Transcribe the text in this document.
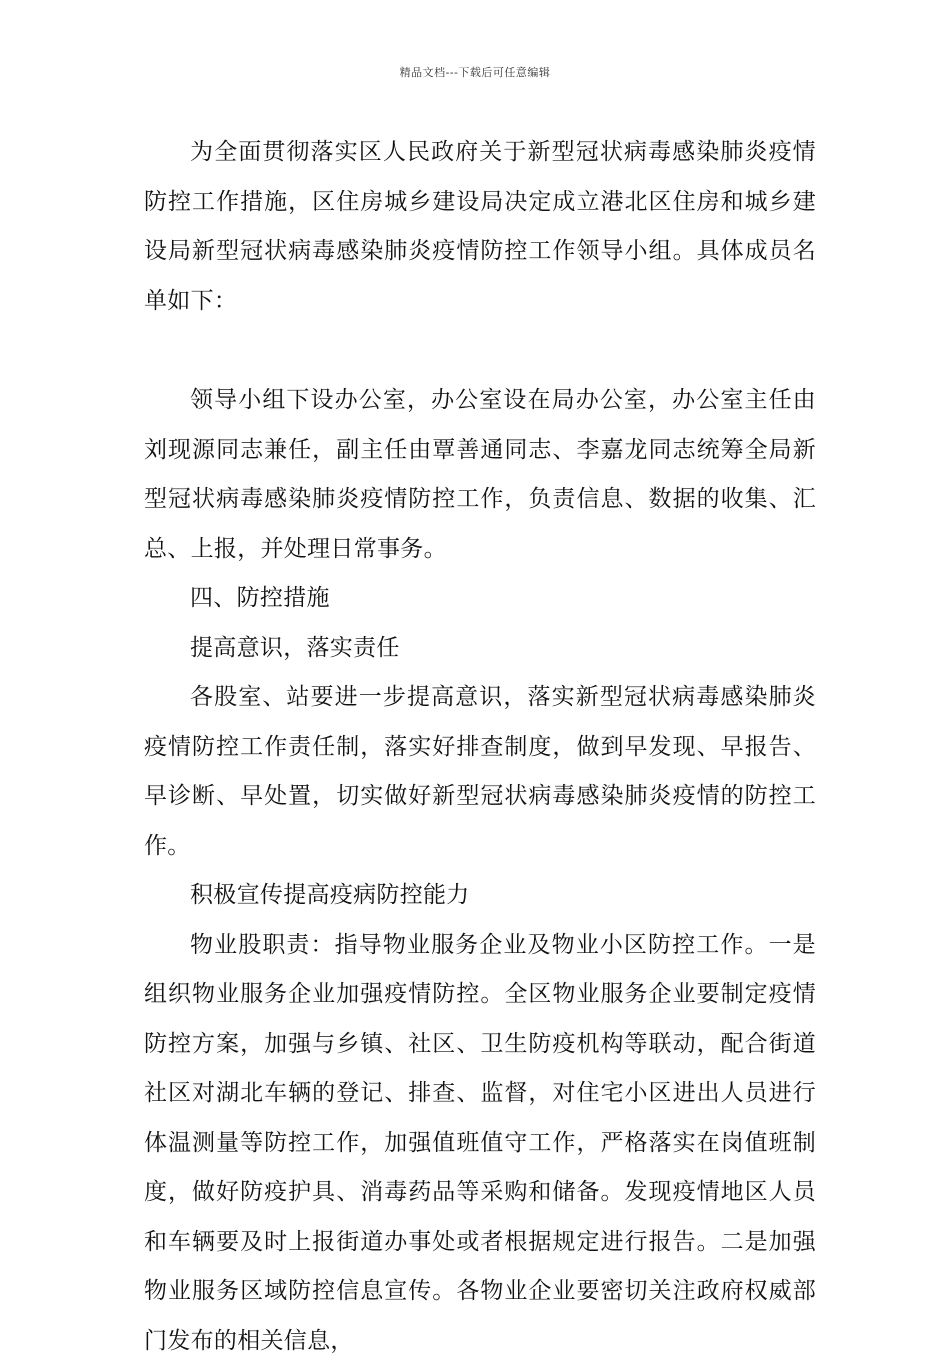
精品文档---下载后可任意编辑

为全面贯彻落实区人民政府关于新型冠状病毒感染肺炎疫情防控工作措施，区住房城乡建设局决定成立港北区住房和城乡建设局新型冠状病毒感染肺炎疫情防控工作领导小组。具体成员名单如下：

领导小组下设办公室，办公室设在局办公室，办公室主任由刘现源同志兼任，副主任由覃善通同志、李嘉龙同志统筹全局新型冠状病毒感染肺炎疫情防控工作，负责信息、数据的收集、汇总、上报，并处理日常事务。

四、防控措施

提高意识，落实责任

各股室、站要进一步提高意识，落实新型冠状病毒感染肺炎疫情防控工作责任制，落实好排查制度，做到早发现、早报告、早诊断、早处置，切实做好新型冠状病毒感染肺炎疫情的防控工作。

积极宣传提高疫病防控能力

物业股职责：指导物业服务企业及物业小区防控工作。一是组织物业服务企业加强疫情防控。全区物业服务企业要制定疫情防控方案，加强与乡镇、社区、卫生防疫机构等联动，配合街道社区对湖北车辆的登记、排查、监督，对住宅小区进出人员进行体温测量等防控工作，加强值班值守工作，严格落实在岗值班制度，做好防疫护具、消毒药品等采购和储备。发现疫情地区人员和车辆要及时上报街道办事处或者根据规定进行报告。二是加强物业服务区域防控信息宣传。各物业企业要密切关注政府权威部门发布的相关信息，
